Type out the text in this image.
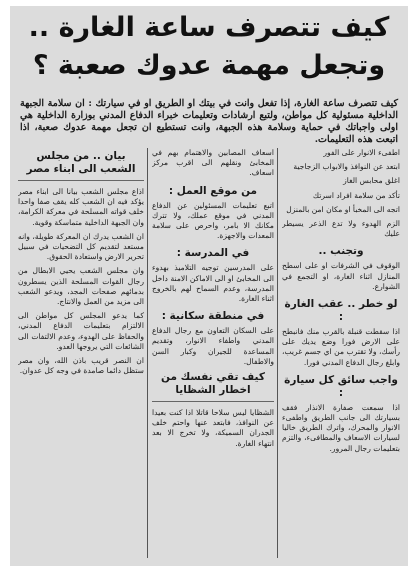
كيف تتصرف ساعة الغارة ..
وتجعل مهمة عدوك صعبة ؟
كيف تتصرف ساعة الغارة، إذا تفعل وانت في بيتك او الطريق او في سيارتك : ان سلامة الجبهة الداخلية مسئولية كل مواطن، ولتبع ارشادات وتعليمات خبراء الدفاع المدني بوزارة الداخلية هي اولى واجباتك في حماية وسلامة هذه الجبهة، وانت تستطيع ان تجعل مهمة عدوك صعبة، اذا اتبعت هذه التعليمات.

اطفىء الانوار على الفور

ابتعد عن النوافذ والابواب الزجاجية

اغلق محابس الغاز

تأكد من سلامة افراد اسرتك

اتجه الى المخبأ او مكان امن بالمنزل

الزم الهدوء ولا تدع الذعر يسيطر عليك

وتجنب ..

الوقوف في الشرفات او على اسطح المنازل اثناء الغارة، او التجمع في الشوارع.

لو خطر .. عقب الغارة :

اذا سقطت قنبلة بالقرب منك فانبطح على الارض فورا وضع يديك على رأسك، ولا تقترب من اي جسم غريب، وابلغ رجال الدفاع المدني فورا.

واجب سائق كل سيارة :

اذا سمعت صفارة الانذار فقف بسيارتك الى جانب الطريق واطفىء الانوار والمحرك، واترك الطريق خاليا لسيارات الاسعاف والمطافىء، والتزم بتعليمات رجال المرور.

اسعاف المصابين والاهتمام بهم في المخابئ ونقلهم الى اقرب مركز اسعاف.

من موقع العمل :

اتبع تعليمات المسئولين عن الدفاع المدني في موقع عملك، ولا تترك مكانك الا بامر، واحرص على سلامة المعدات والاجهزة.

في المدرسة :

على المدرسين توجيه التلاميذ بهدوء الى المخابئ او الى الاماكن الامنة داخل المدرسة، وعدم السماح لهم بالخروج اثناء الغارة.

في منطقة سكانية :

على السكان التعاون مع رجال الدفاع المدني واطفاء الانوار، وتقديم المساعدة للجيران وكبار السن والاطفال.

كيف تقي نفسك من اخطار الشظايا

الشظايا ليس سلاحا قاتلا اذا كنت بعيدا عن النوافذ، فابتعد عنها واحتم خلف الجدران السميكة، ولا تخرج الا بعد انتهاء الغارة.

بيان .. من مجلس الشعب الى ابناء مصر

اذاع مجلس الشعب بيانا الى ابناء مصر يؤكد فيه ان الشعب كله يقف صفا واحدا خلف قواته المسلحة في معركة الكرامة، وان الجبهة الداخلية متماسكة وقوية.

ان الشعب يدرك ان المعركة طويلة، وانه مستعد لتقديم كل التضحيات في سبيل تحرير الارض واستعادة الحقوق.

وان مجلس الشعب يحيي الابطال من رجال القوات المسلحة الذين يسطرون بدمائهم صفحات المجد، ويدعو الشعب الى مزيد من العمل والانتاج.

كما يدعو المجلس كل مواطن الى الالتزام بتعليمات الدفاع المدني، والحفاظ على الهدوء، وعدم الالتفات الى الشائعات التي يروجها العدو.

ان النصر قريب باذن الله، وان مصر ستظل دائما صامدة في وجه كل عدوان.
